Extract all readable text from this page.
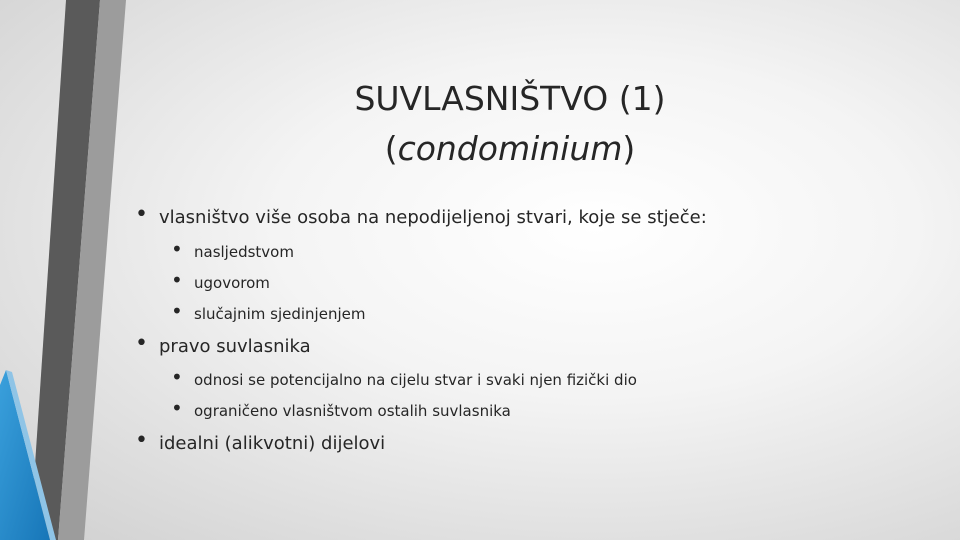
SUVLASNIŠTVO (1)
(condominium)
• vlasništvo više osoba na nepodijeljenoj stvari, koje se stječe:
• nasljedstvom
• ugovorom
• slučajnim sjedinjenjem
• pravo suvlasnika
• odnosi se potencijalno na cijelu stvar i svaki njen fizički dio
• ograničeno vlasništvom ostalih suvlasnika
• idealni (alikvotni) dijelovi
